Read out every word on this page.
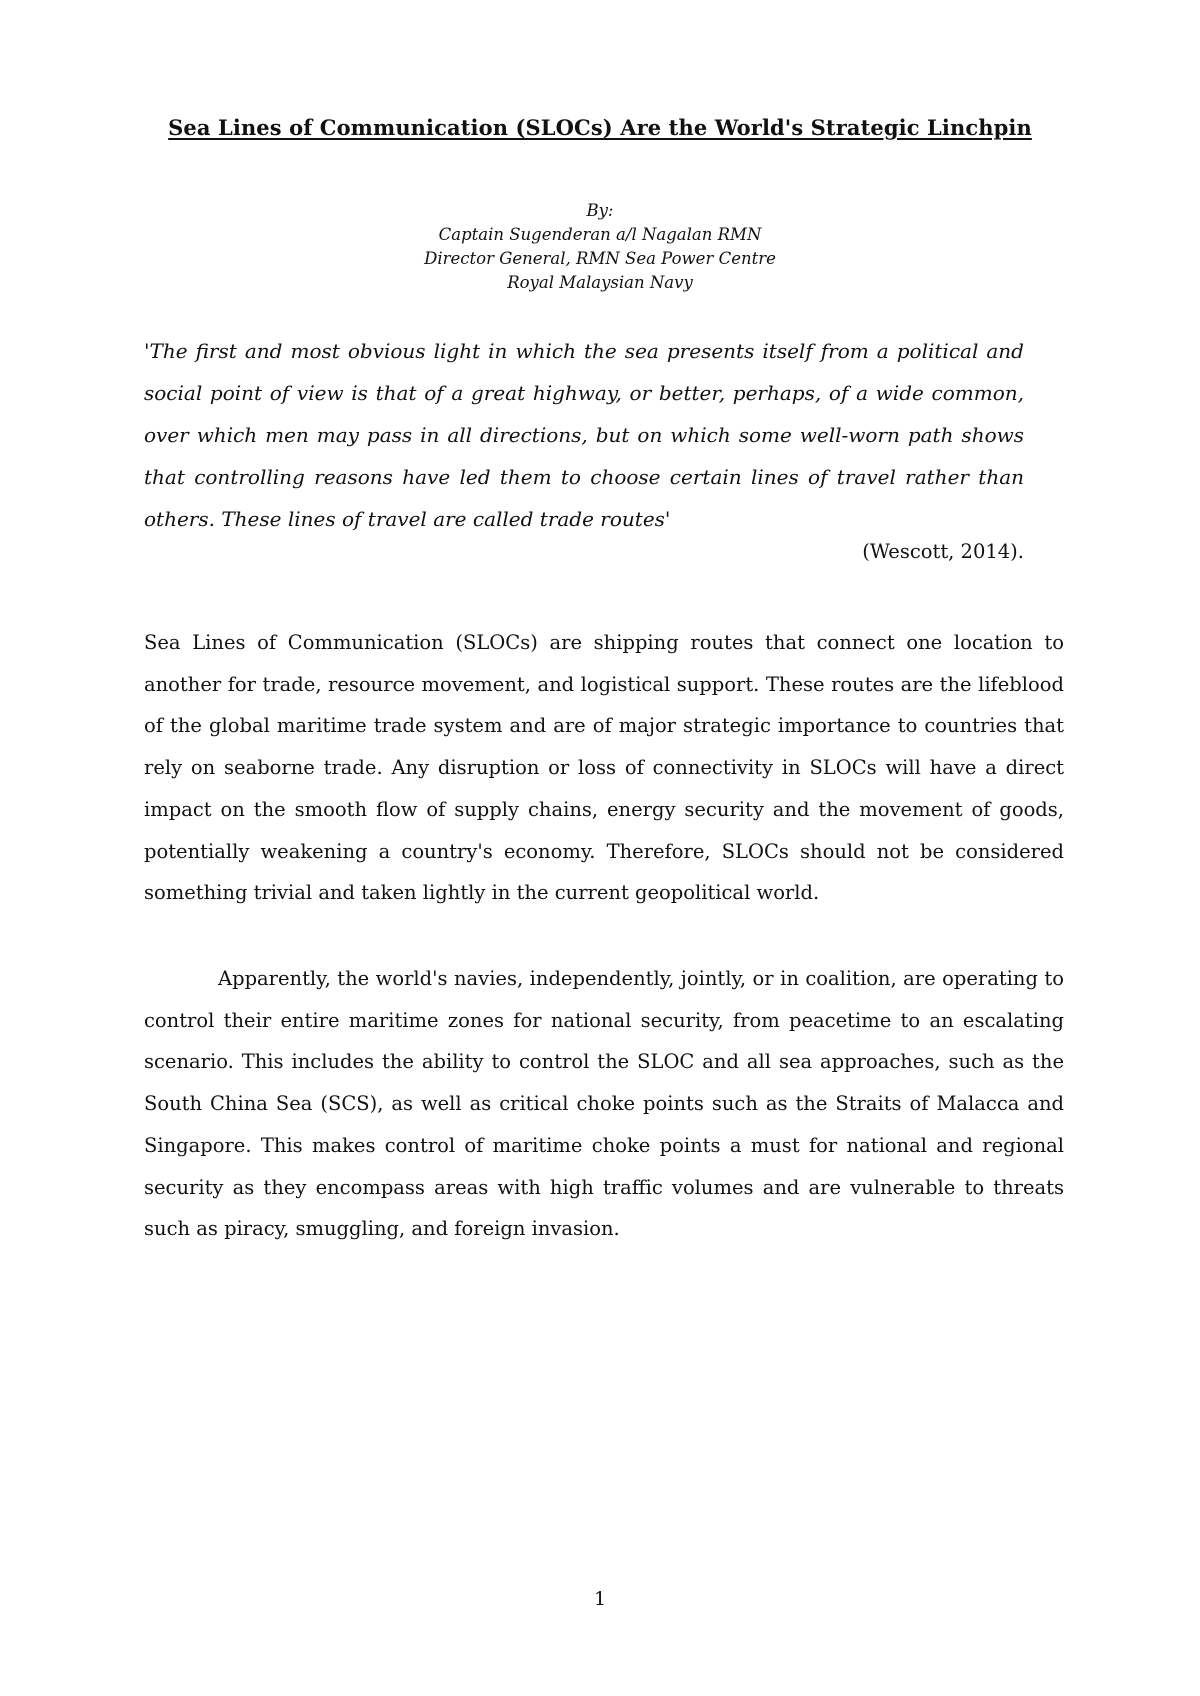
Sea Lines of Communication (SLOCs) Are the World's Strategic Linchpin
By:
Captain Sugenderan a/l Nagalan RMN
Director General, RMN Sea Power Centre
Royal Malaysian Navy
'The first and most obvious light in which the sea presents itself from a political and social point of view is that of a great highway, or better, perhaps, of a wide common, over which men may pass in all directions, but on which some well-worn path shows that controlling reasons have led them to choose certain lines of travel rather than others. These lines of travel are called trade routes'
(Wescott, 2014).

Sea Lines of Communication (SLOCs) are shipping routes that connect one location to another for trade, resource movement, and logistical support. These routes are the lifeblood of the global maritime trade system and are of major strategic importance to countries that rely on seaborne trade. Any disruption or loss of connectivity in SLOCs will have a direct impact on the smooth flow of supply chains, energy security and the movement of goods, potentially weakening a country's economy. Therefore, SLOCs should not be considered something trivial and taken lightly in the current geopolitical world.

Apparently, the world's navies, independently, jointly, or in coalition, are operating to control their entire maritime zones for national security, from peacetime to an escalating scenario. This includes the ability to control the SLOC and all sea approaches, such as the South China Sea (SCS), as well as critical choke points such as the Straits of Malacca and Singapore. This makes control of maritime choke points a must for national and regional security as they encompass areas with high traffic volumes and are vulnerable to threats such as piracy, smuggling, and foreign invasion.

1
